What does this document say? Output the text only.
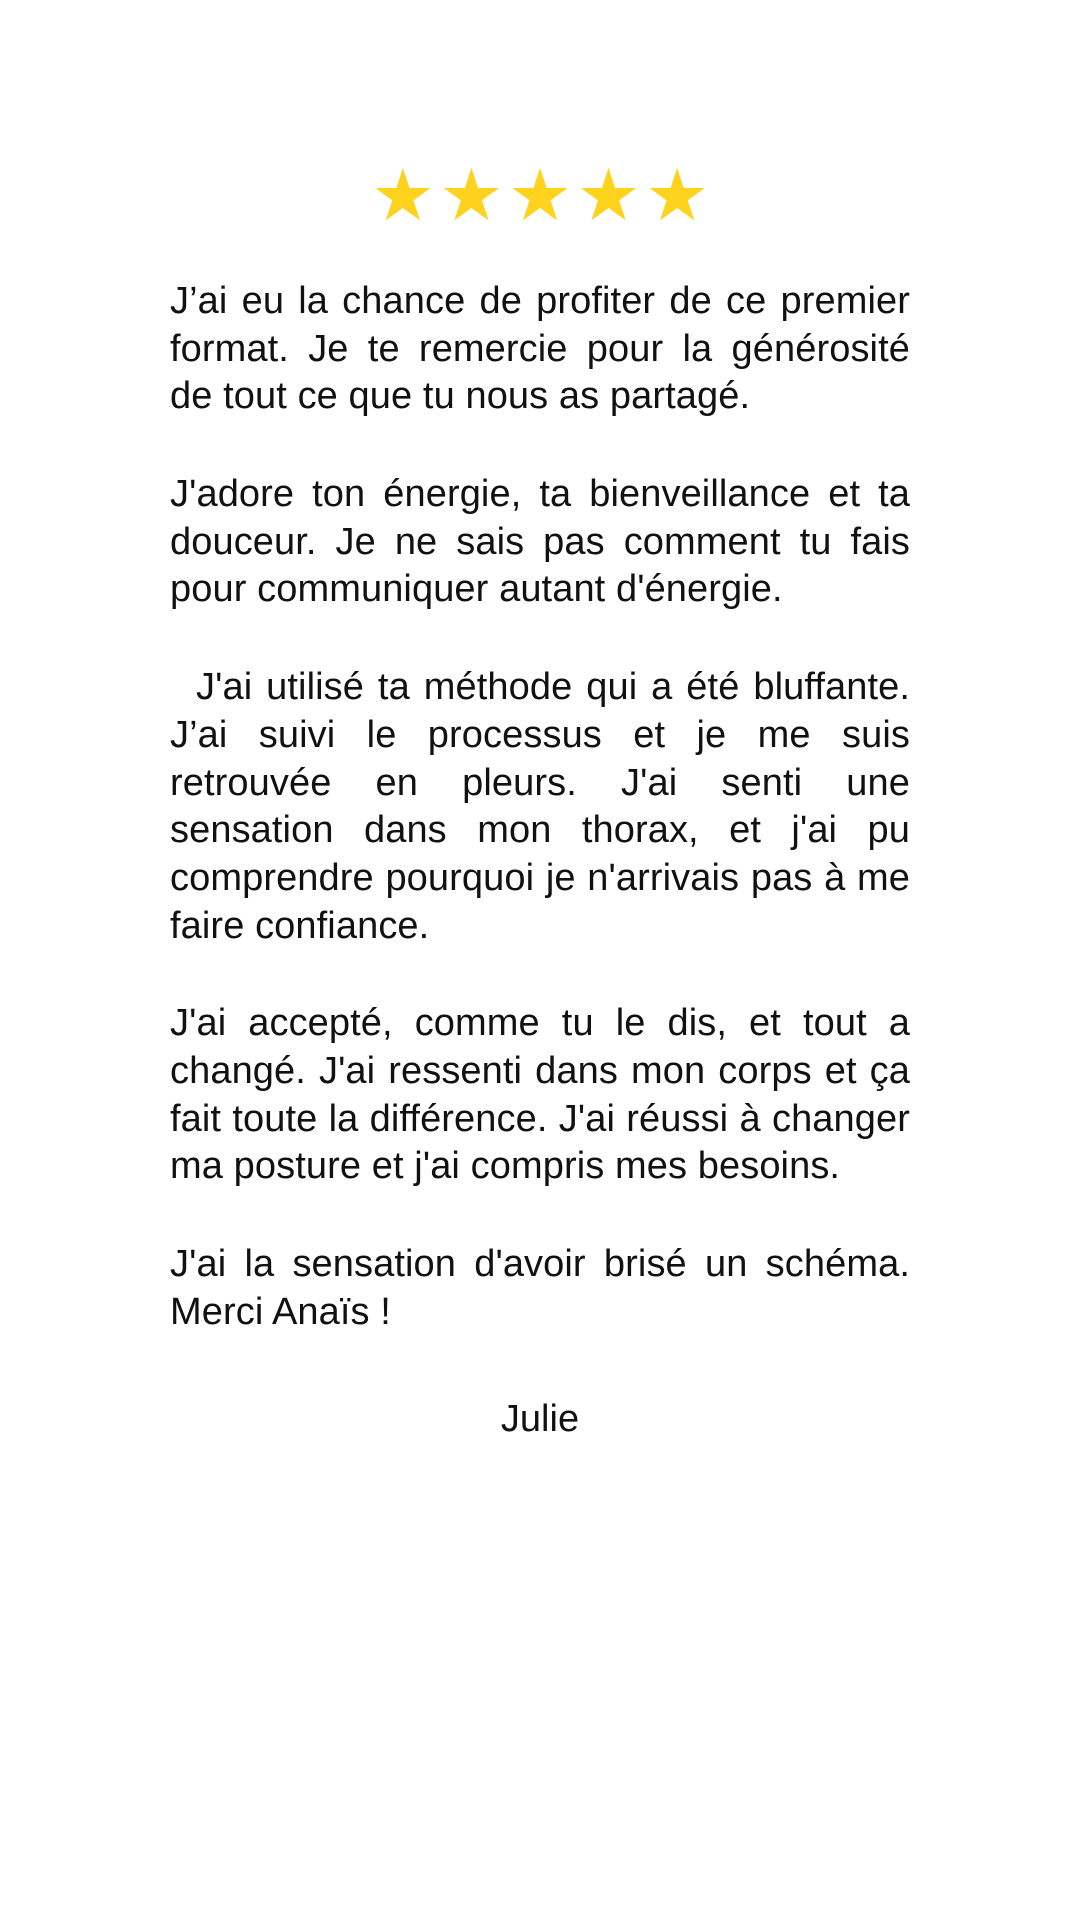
★ ★ ★ ★ ★

J’ai eu la chance de profiter de ce premier format. Je te remercie pour la générosité de tout ce que tu nous as partagé.

J'adore ton énergie, ta bienveillance et ta douceur. Je ne sais pas comment tu fais pour communiquer autant d'énergie.

J'ai utilisé ta méthode qui a été bluffante. J’ai suivi le processus et je me suis retrouvée en pleurs. J'ai senti une sensation dans mon thorax, et j'ai pu comprendre pourquoi je n'arrivais pas à me faire confiance.

J'ai accepté, comme tu le dis, et tout a changé. J'ai ressenti dans mon corps et ça fait toute la différence. J'ai réussi à changer ma posture et j'ai compris mes besoins.

J'ai la sensation d'avoir brisé un schéma. Merci Anaïs !

Julie
